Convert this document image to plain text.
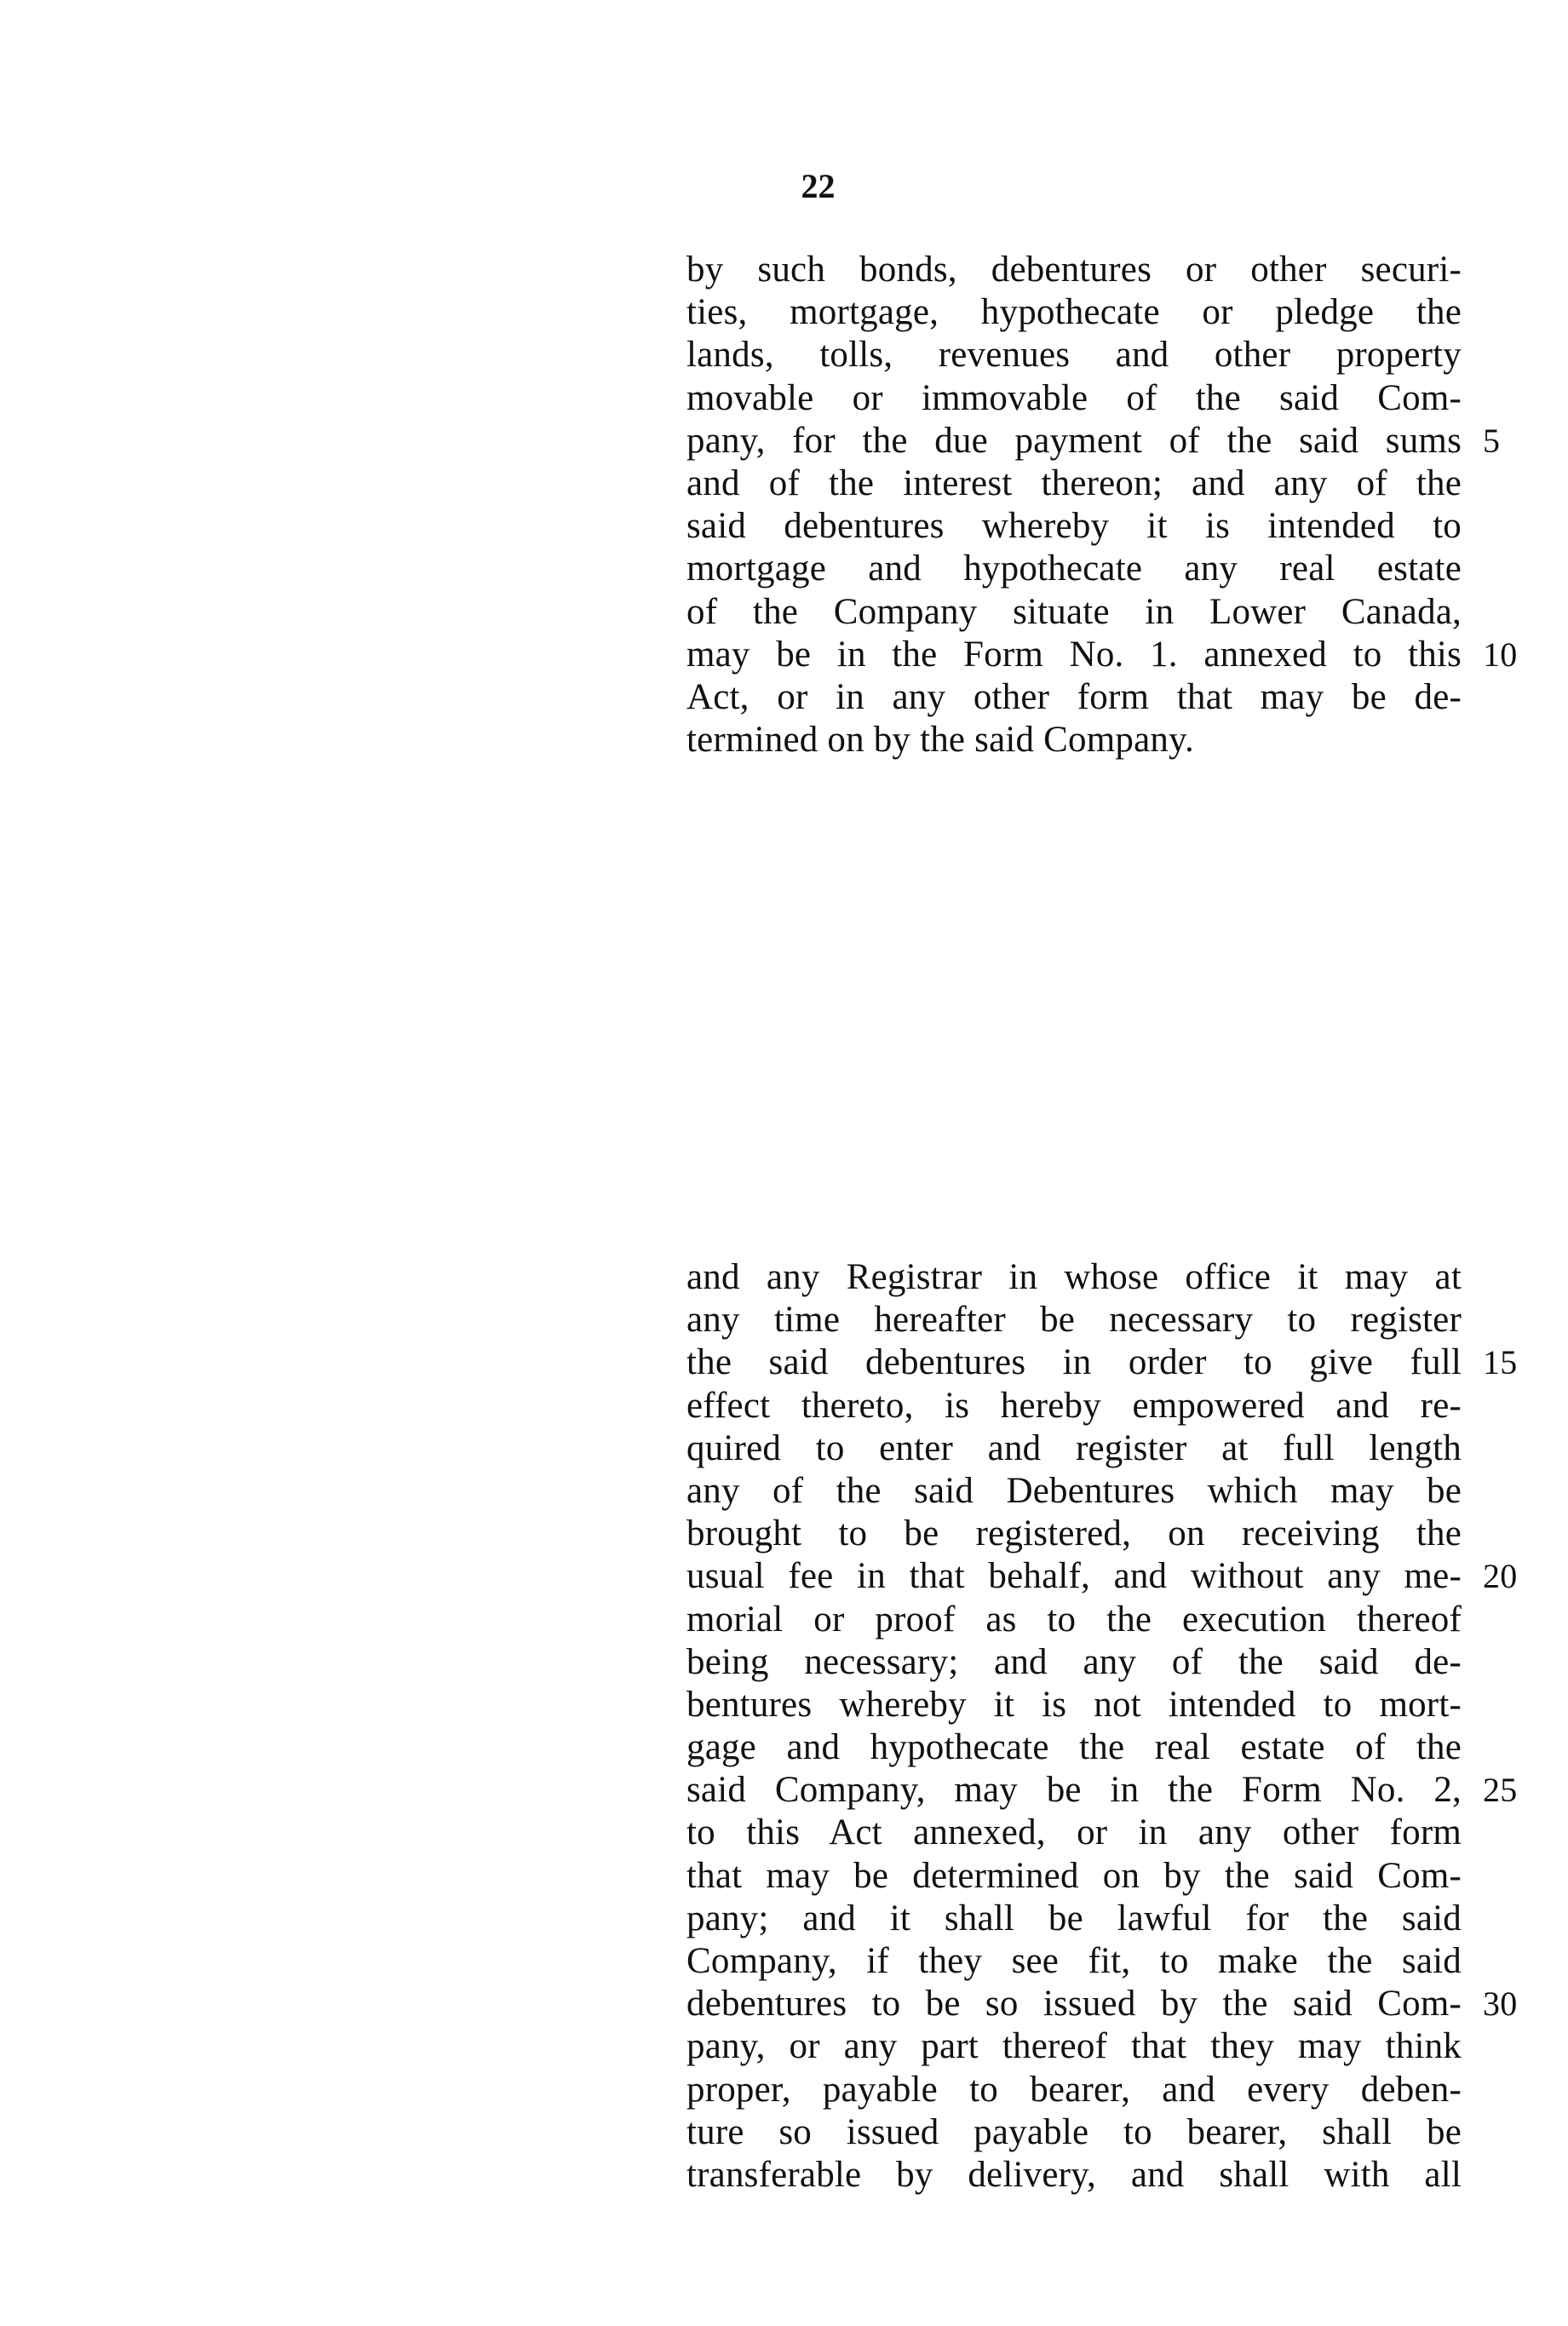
22
by such bonds, debentures or other securi-
ties, mortgage, hypothecate or pledge the
lands, tolls, revenues and other property
movable or immovable of the said Com-
pany, for the due payment of the said sums 5
and of the interest thereon; and any of the
said debentures whereby it is intended to
mortgage and hypothecate any real estate
of the Company situate in Lower Canada,
may be in the Form No. 1. annexed to this 10
Act, or in any other form that may be de-
termined on by the said Company.
and any Registrar in whose office it may at
any time hereafter be necessary to register
the said debentures in order to give full 15
effect thereto, is hereby empowered and re-
quired to enter and register at full length
any of the said Debentures which may be
brought to be registered, on receiving the
usual fee in that behalf, and without any me- 20
morial or proof as to the execution thereof
being necessary; and any of the said de-
bentures whereby it is not intended to mort-
gage and hypothecate the real estate of the
said Company, may be in the Form No. 2, 25
to this Act annexed, or in any other form
that may be determined on by the said Com-
pany; and it shall be lawful for the said
Company, if they see fit, to make the said
debentures to be so issued by the said Com- 30
pany, or any part thereof that they may think
proper, payable to bearer, and every deben-
ture so issued payable to bearer, shall be
transferable by delivery, and shall with all
